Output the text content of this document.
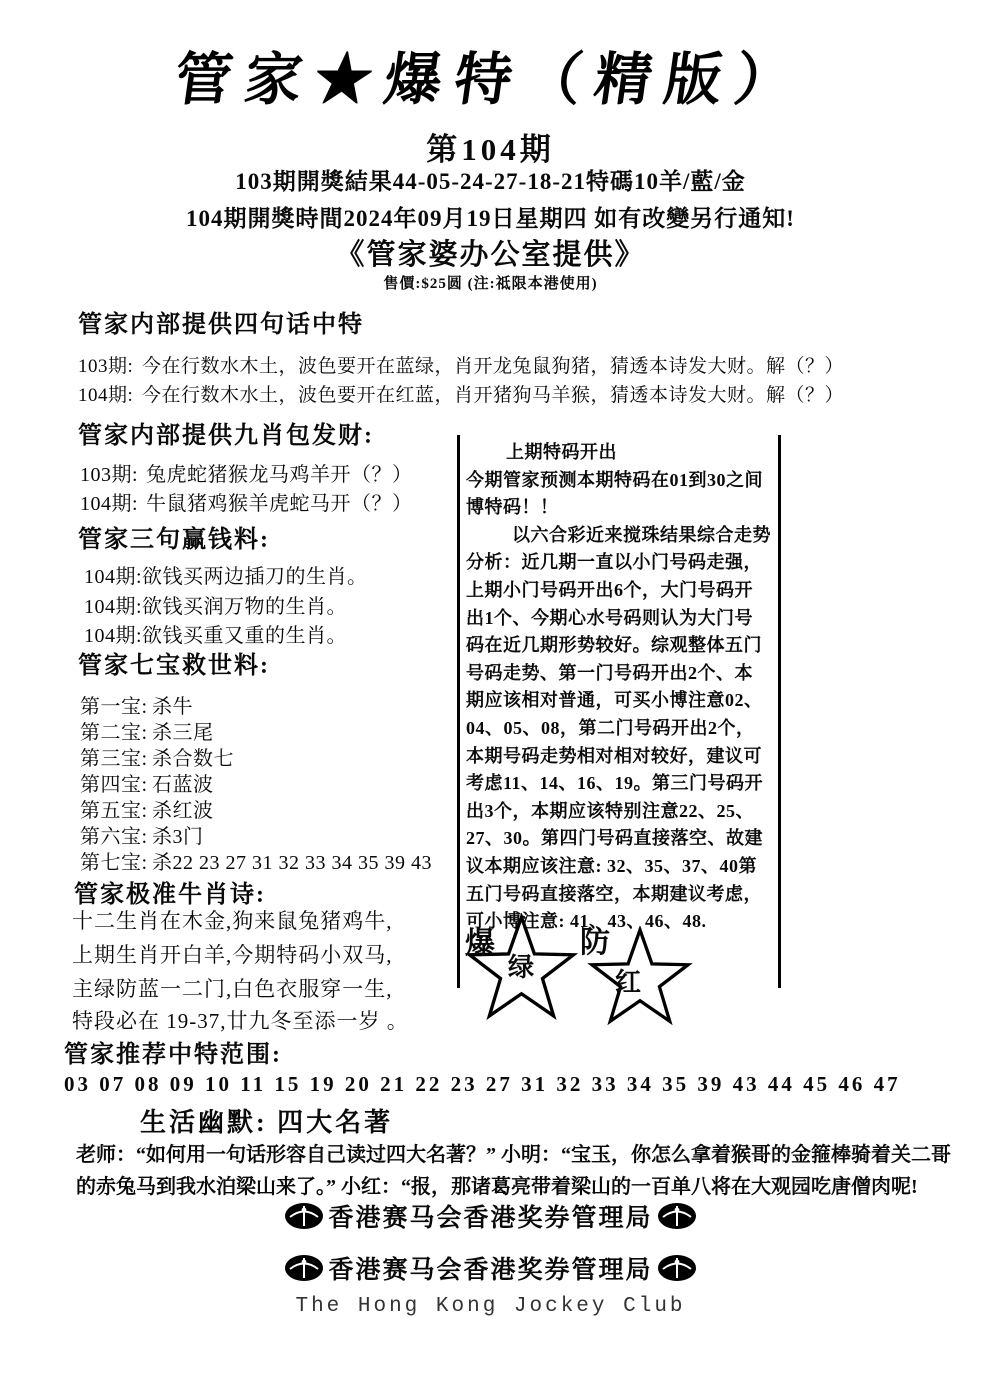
管家★爆特（精版）
第104期
103期開獎結果44-05-24-27-18-21特碼10羊/藍/金
104期開獎時間2024年09月19日星期四 如有改變另行通知!
《管家婆办公室提供》
售價:$25圆 (注:祗限本港使用)
管家内部提供四句话中特
103期: 今在行数水木土，波色要开在蓝绿，肖开龙兔鼠狗猪，猜透本诗发大财。解（？）
104期: 今在行数木水土，波色要开在红蓝，肖开猪狗马羊猴，猜透本诗发大财。解（？）
管家内部提供九肖包发财:
103期: 兔虎蛇猪猴龙马鸡羊开（？）
104期: 牛鼠猪鸡猴羊虎蛇马开（？）
管家三句赢钱料:
104期:欲钱买两边插刀的生肖。
104期:欲钱买润万物的生肖。
104期:欲钱买重又重的生肖。
管家七宝救世料:
第一宝: 杀牛
第二宝: 杀三尾
第三宝: 杀合数七
第四宝: 石蓝波
第五宝: 杀红波
第六宝: 杀3门
第七宝: 杀22 23 27 31 32 33 34 35 39 43
管家极准牛肖诗:
十二生肖在木金,狗来鼠兔猪鸡牛,
上期生肖开白羊,今期特码小双马,
主绿防蓝一二门,白色衣服穿一生,
特段必在 19-37,廿九冬至添一岁 。
管家推荐中特范围:
03 07 08 09 10 11 15 19 20 21 22 23 27 31 32 33 34 35 39 43 44 45 46 47
生活幽默: 四大名著
老师：“如何用一句话形容自己读过四大名著？” 小明：“宝玉，你怎么拿着猴哥的金箍棒骑着关二哥
的赤兔马到我水泊梁山来了。” 小红：“报，那诸葛亮带着梁山的一百单八将在大观园吃唐僧肉呢!
上期特码开出
今期管家预测本期特码在01到30之间
博特码！！
以六合彩近来搅珠结果综合走势
分析：近几期一直以小门号码走强，
上期小门号码开出6个，大门号码开
出1个、今期心水号码则认为大门号
码在近几期形势较好。综观整体五门
号码走势、第一门号码开出2个、本
期应该相对普通，可买小博注意02、
04、05、08，第二门号码开出2个，
本期号码走势相对相对较好，建议可
考虑11、14、16、19。第三门号码开
出3个，本期应该特别注意22、25、
27、30。第四门号码直接落空、故建
议本期应该注意: 32、35、37、40第
五门号码直接落空，本期建议考虑，
可小博注意: 41、43、46、48.
爆
绿
防
红
香港赛马会香港奖券管理局
香港赛马会香港奖券管理局
The Hong Kong Jockey Club
